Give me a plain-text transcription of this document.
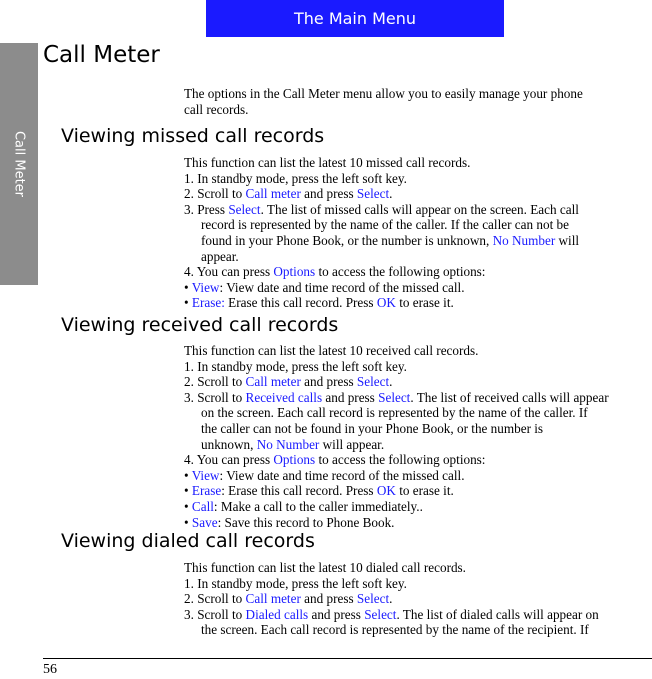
The Main Menu
Call Meter
Call Meter

The options in the Call Meter menu allow you to easily manage your phone

call records.

Viewing missed call records

This function can list the latest 10 missed call records.

1. In standby mode, press the left soft key.

2. Scroll to Call meter and press Select.

3. Press Select. The list of missed calls will appear on the screen. Each call

record is represented by the name of the caller. If the caller can not be

found in your Phone Book, or the number is unknown, No Number will

appear.

4. You can press Options to access the following options:

• View: View date and time record of the missed call.

• Erase: Erase this call record. Press OK to erase it.

Viewing received call records

This function can list the latest 10 received call records.

1. In standby mode, press the left soft key.

2. Scroll to Call meter and press Select.

3. Scroll to Received calls and press Select. The list of received calls will appear

on the screen. Each call record is represented by the name of the caller. If

the caller can not be found in your Phone Book, or the number is

unknown, No Number will appear.

4. You can press Options to access the following options:

• View: View date and time record of the missed call.

• Erase: Erase this call record. Press OK to erase it.

• Call: Make a call to the caller immediately..

• Save: Save this record to Phone Book.

Viewing dialed call records

This function can list the latest 10 dialed call records.

1. In standby mode, press the left soft key.

2. Scroll to Call meter and press Select.

3. Scroll to Dialed calls and press Select. The list of dialed calls will appear on

the screen. Each call record is represented by the name of the recipient. If

56
